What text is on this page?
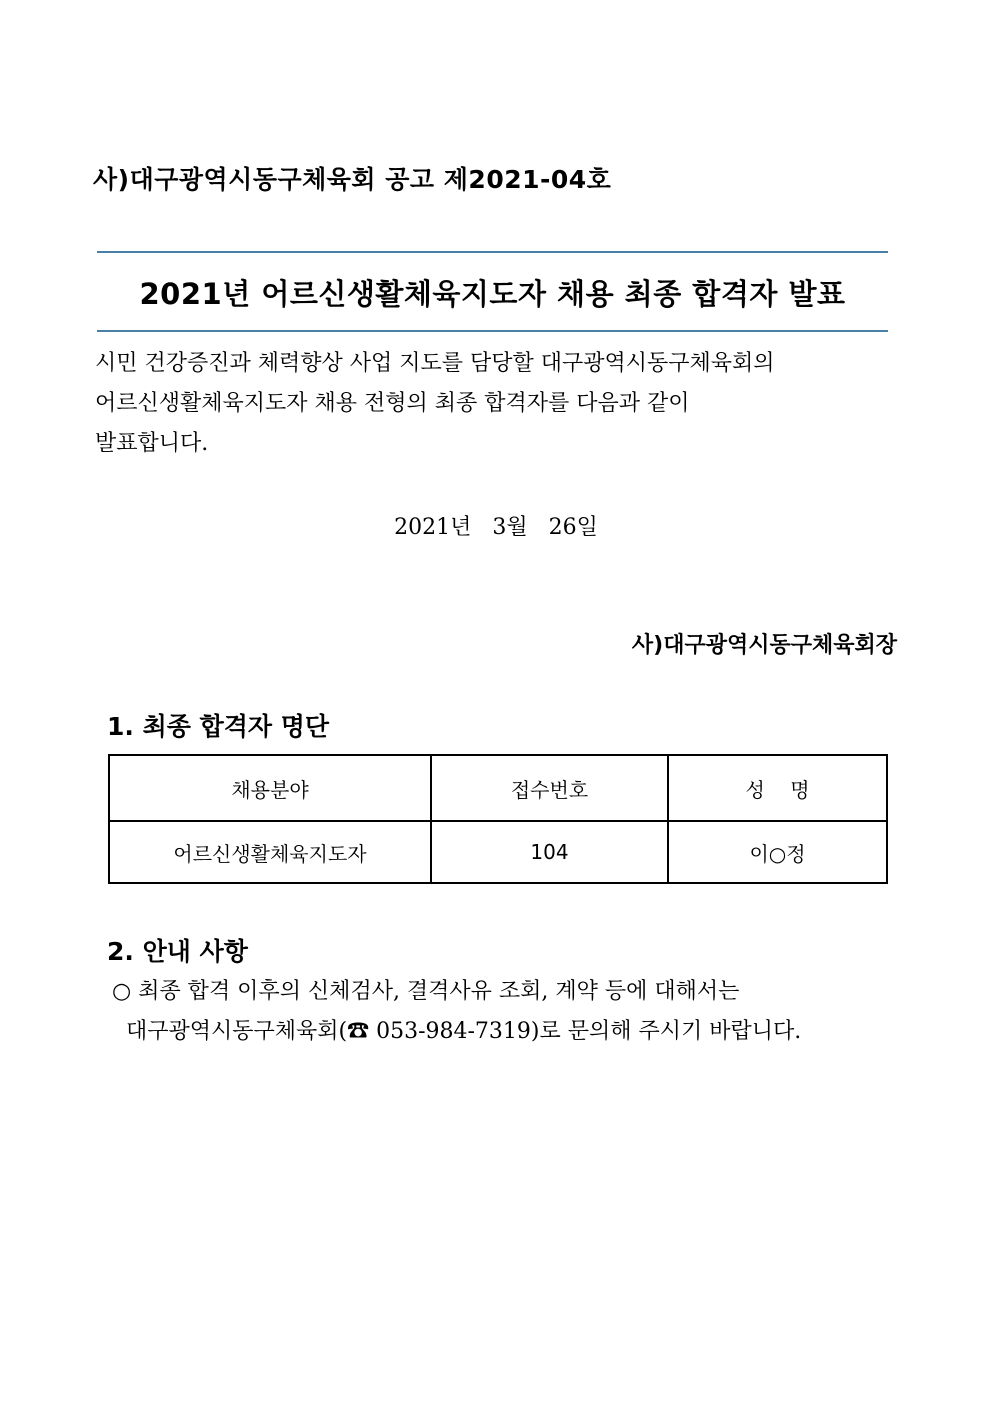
사)대구광역시동구체육회 공고 제2021-04호
2021년 어르신생활체육지도자 채용 최종 합격자 발표
시민 건강증진과 체력향상 사업 지도를 담당할 대구광역시동구체육회의
어르신생활체육지도자 채용 전형의 최종 합격자를 다음과 같이
발표합니다.
2021년   3월   26일
사)대구광역시동구체육회장
1. 최종 합격자 명단
채용분야	접수번호	성    명
어르신생활체육지도자	104	이○정
2. 안내 사항
○ 최종 합격 이후의 신체검사, 결격사유 조회, 계약 등에 대해서는
대구광역시동구체육회(☎ 053-984-7319)로 문의해 주시기 바랍니다.
